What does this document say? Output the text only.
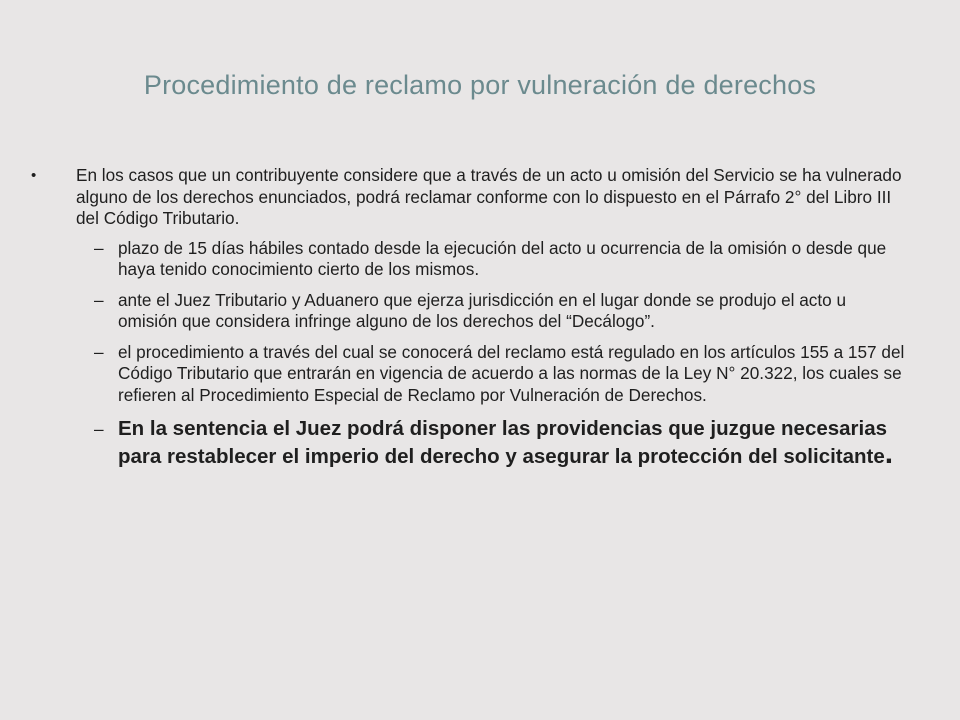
Procedimiento de reclamo por vulneración de derechos
• En los casos que un contribuyente considere que a través de un acto u omisión del Servicio se ha vulnerado alguno de los derechos enunciados, podrá reclamar conforme con lo dispuesto en el Párrafo 2° del Libro III del Código Tributario.
– plazo de 15 días hábiles contado desde la ejecución del acto u ocurrencia de la omisión o desde que haya tenido conocimiento cierto de los mismos.
– ante el Juez Tributario y Aduanero que ejerza jurisdicción en el lugar donde se produjo el acto u omisión que considera infringe alguno de los derechos del “Decálogo”.
– el procedimiento a través del cual se conocerá del reclamo está regulado en los artículos 155 a 157 del Código Tributario que entrarán en vigencia de acuerdo a las normas de la Ley N° 20.322, los cuales se refieren al Procedimiento Especial de Reclamo por Vulneración de Derechos.
– En la sentencia el Juez podrá disponer las providencias que juzgue necesarias para restablecer el imperio del derecho y asegurar la protección del solicitante.
